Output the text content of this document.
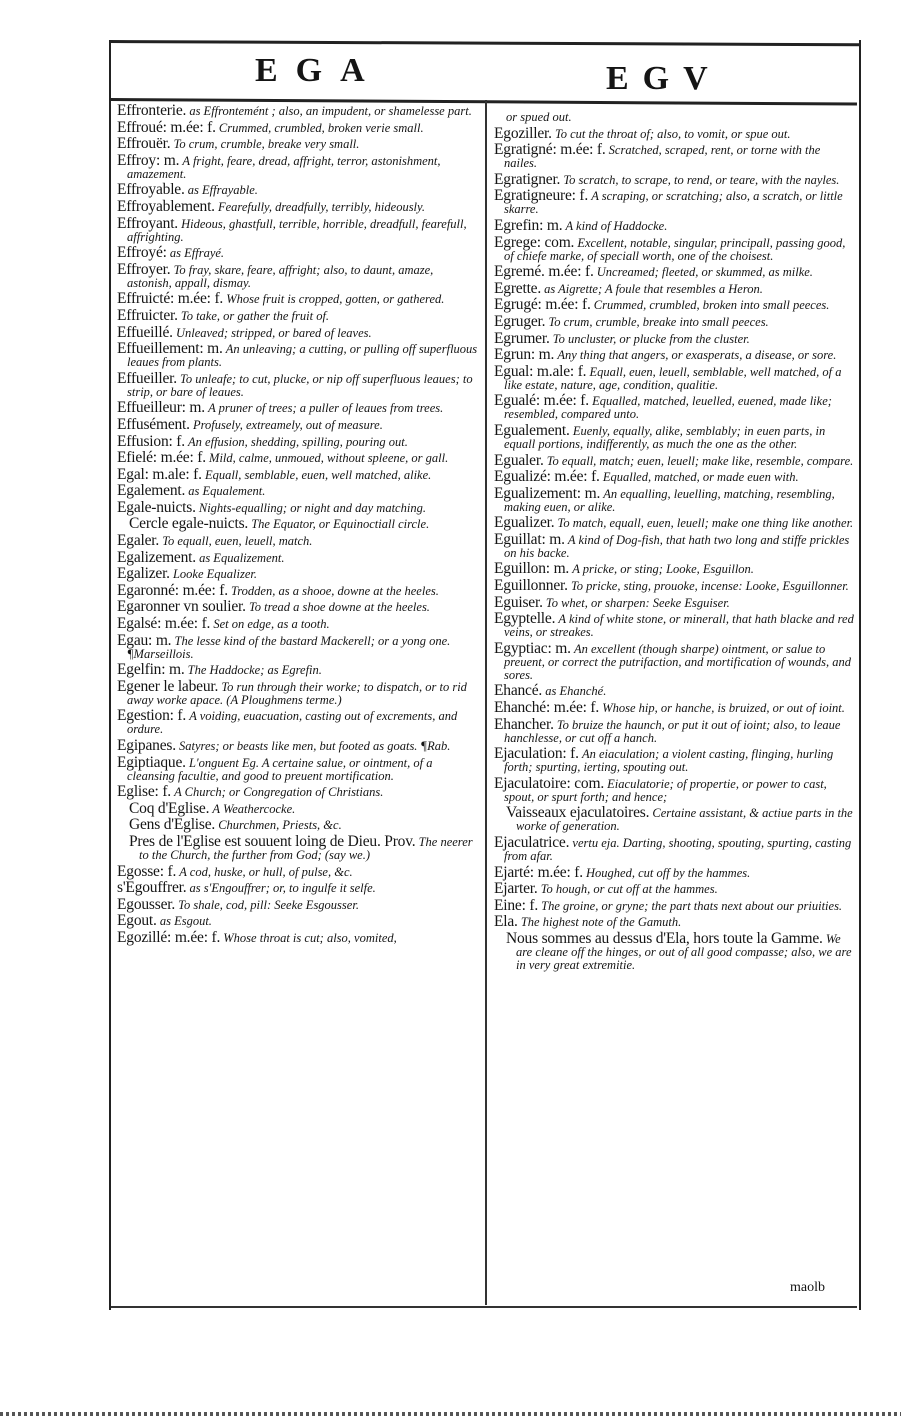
EGA	EGV
Effronterie. as Effrontemént ; also, an impudent, or shamelesse part.
Effroué: m.ée: f. Crummed, crumbled, broken verie small.
Effrouër. To crum, crumble, breake very small.
Effroy: m. A fright, feare, dread, affright, terror, astonishment, amazement.
Effroyable. as Effrayable.
Effroyablement. Fearefully, dreadfully, terribly, hideously.
Effroyant. Hideous, ghastfull, terrible, horrible, dreadfull, fearefull, affrighting.
Effroyé: as Effrayé.
Effroyer. To fray, skare, feare, affright; also, to daunt, amaze, astonish, appall, dismay.
Effruicté: m.ée: f. Whose fruit is cropped, gotten, or gathered.
Effruicter. To take, or gather the fruit of.
Effueillé. Unleaved; stripped, or bared of leaves.
Effueillement: m. An unleaving; a cutting, or pulling off superfluous leaues from plants.
Effueiller. To unleafe; to cut, plucke, or nip off superfluous leaues; to strip, or bare of leaues.
Effueilleur: m. A pruner of trees; a puller of leaues from trees.
Effusément. Profusely, extreamely, out of measure.
Effusion: f. An effusion, shedding, spilling, pouring out.
Efielé: m.ée: f. Mild, calme, unmoued, without spleene, or gall.
Egal: m.ale: f. Equall, semblable, euen, well matched, alike.
Egalement. as Equalement.
Egale-nuicts. Nights-equalling; or night and day matching.
Cercle egale-nuicts. The Equator, or Equinoctiall circle.
Egaler. To equall, euen, leuell, match.
Egalizement. as Equalizement.
Egalizer. Looke Equalizer.
Egaronné: m.ée: f. Trodden, as a shooe, downe at the heeles.
Egaronner vn soulier. To tread a shoe downe at the heeles.
Egalsé: m.ée: f. Set on edge, as a tooth.
Egau: m. The lesse kind of the bastard Mackerell; or a yong one. ¶Marseillois.
Egelfin: m. The Haddocke; as Egrefin.
Egener le labeur. To run through their worke; to dispatch, or to rid away worke apace. (A Ploughmens terme.)
Egestion: f. A voiding, euacuation, casting out of excrements, and ordure.
Egipanes. Satyres; or beasts like men, but footed as goats. ¶Rab.
Egiptiaque. L'onguent Eg. A certaine salue, or ointment, of a cleansing facultie, and good to preuent mortification.
Eglise: f. A Church; or Congregation of Christians.
Coq d'Eglise. A Weathercocke.
Gens d'Eglise. Churchmen, Priests, &c.
Pres de l'Eglise est souuent loing de Dieu. Prov. The neerer to the Church, the further from God; (say we.)
Egosse: f. A cod, huske, or hull, of pulse, &c.
s'Egouffrer. as s'Engouffrer; or, to ingulfe it selfe.
Egousser. To shale, cod, pill: Seeke Esgousser.
Egout. as Esgout.
Egozillé: m.ée: f. Whose throat is cut; also, vomited,
or spued out.
Egoziller. To cut the throat of; also, to vomit, or spue out.
Egratigné: m.ée: f. Scratched, scraped, rent, or torne with the nailes.
Egratigner. To scratch, to scrape, to rend, or teare, with the nayles.
Egratigneure: f. A scraping, or scratching; also, a scratch, or little skarre.
Egrefin: m. A kind of Haddocke.
Egrege: com. Excellent, notable, singular, principall, passing good, of chiefe marke, of speciall worth, one of the choisest.
Egremé. m.ée: f. Uncreamed; fleeted, or skummed, as milke.
Egrette. as Aigrette; A foule that resembles a Heron.
Egrugé: m.ée: f. Crummed, crumbled, broken into small peeces.
Egruger. To crum, crumble, breake into small peeces.
Egrumer. To uncluster, or plucke from the cluster.
Egrun: m. Any thing that angers, or exasperats, a disease, or sore.
Egual: m.ale: f. Equall, euen, leuell, semblable, well matched, of a like estate, nature, age, condition, qualitie.
Egualé: m.ée: f. Equalled, matched, leuelled, euened, made like; resembled, compared unto.
Egualement. Euenly, equally, alike, semblably; in euen parts, in equall portions, indifferently, as much the one as the other.
Egualer. To equall, match; euen, leuell; make like, resemble, compare.
Egualizé: m.ée: f. Equalled, matched, or made euen with.
Egualizement: m. An equalling, leuelling, matching, resembling, making euen, or alike.
Egualizer. To match, equall, euen, leuell; make one thing like another.
Eguillat: m. A kind of Dog-fish, that hath two long and stiffe prickles on his backe.
Eguillon: m. A pricke, or sting; Looke, Esguillon.
Eguillonner. To pricke, sting, prouoke, incense: Looke, Esguillonner.
Eguiser. To whet, or sharpen: Seeke Esguiser.
Egyptelle. A kind of white stone, or minerall, that hath blacke and red veins, or streakes.
Egyptiac: m. An excellent (though sharpe) ointment, or salue to preuent, or correct the putrifaction, and mortification of wounds, and sores.
Ehancé. as Ehanché.
Ehanché: m.ée: f. Whose hip, or hanche, is bruized, or out of ioint.
Ehancher. To bruize the haunch, or put it out of ioint; also, to leaue hanchlesse, or cut off a hanch.
Ejaculation: f. An eiaculation; a violent casting, flinging, hurling forth; spurting, ierting, spouting out.
Ejaculatoire: com. Eiaculatorie; of propertie, or power to cast, spout, or spurt forth; and hence;
Vaisseaux ejaculatoires. Certaine assistant, & actiue parts in the worke of generation.
Ejaculatrice. vertu eja. Darting, shooting, spouting, spurting, casting from afar.
Ejarté: m.ée: f. Houghed, cut off by the hammes.
Ejarter. To hough, or cut off at the hammes.
Eine: f. The groine, or gryne; the part thats next about our priuities.
Ela. The highest note of the Gamuth.
Nous sommes au dessus d'Ela, hors toute la Gamme. We are cleane off the hinges, or out of all good compasse; also, we are in very great extremitie.
maolb
